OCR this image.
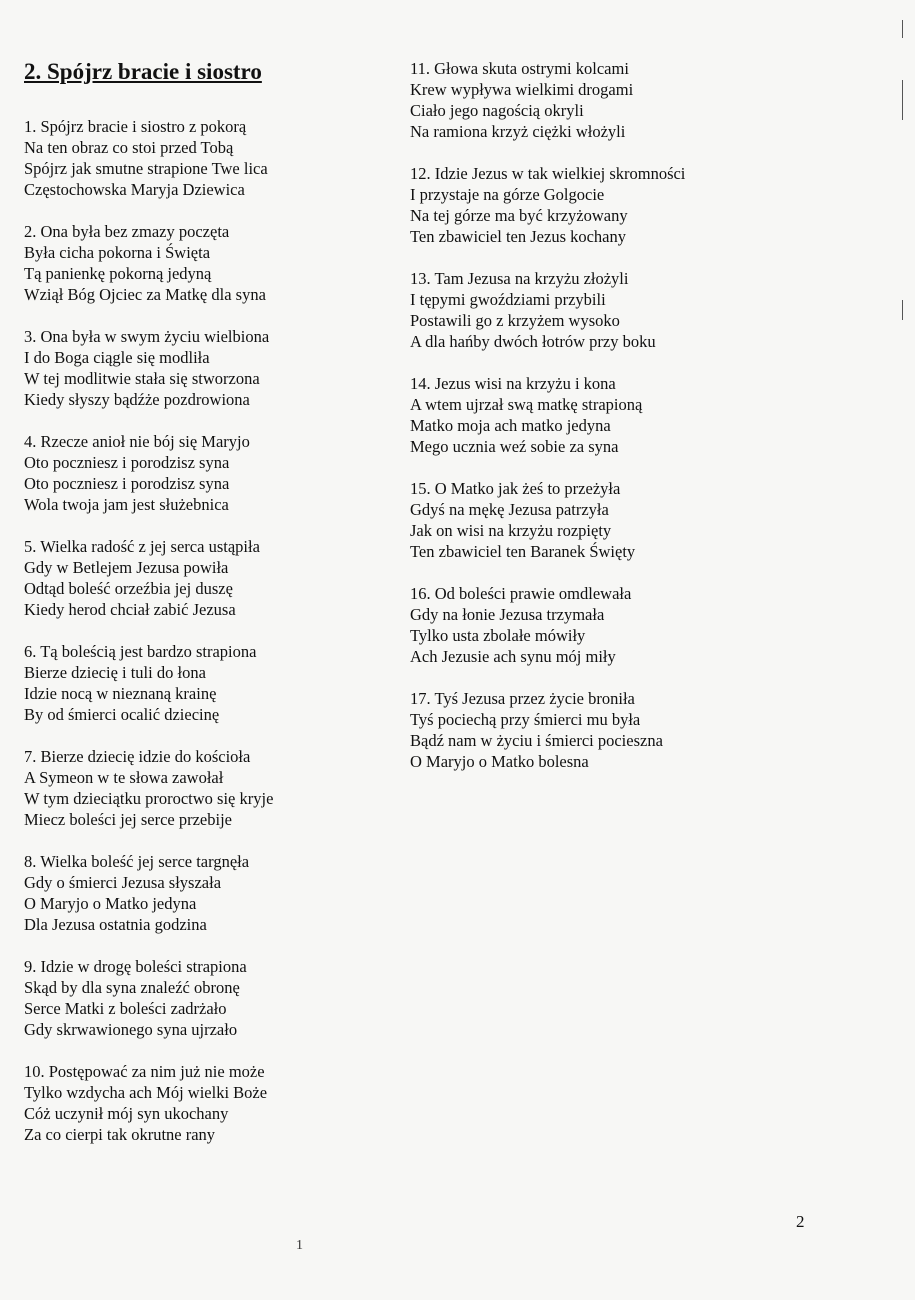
2. Spójrz bracie i siostro
1. Spójrz bracie i siostro z pokorą
Na ten obraz co stoi przed Tobą
Spójrz jak smutne strapione Twe lica
Częstochowska Maryja Dziewica
2. Ona była bez zmazy poczęta
Była cicha pokorna i Święta
Tą panienkę pokorną jedyną
Wziął Bóg Ojciec za Matkę dla syna
3. Ona była w swym życiu wielbiona
I do Boga ciągle się modliła
W tej modlitwie stała się stworzona
Kiedy słyszy bądźże pozdrowiona
4. Rzecze anioł nie bój się Maryjo
Oto poczniesz i porodzisz syna
Oto poczniesz i porodzisz syna
Wola twoja jam jest służebnica
5. Wielka radość z jej serca ustąpiła
Gdy w Betlejem Jezusa powiła
Odtąd boleść orzeźbia jej duszę
Kiedy herod chciał zabić Jezusa
6. Tą boleścią jest bardzo strapiona
Bierze dziecię i tuli do łona
Idzie nocą w nieznaną krainę
By od śmierci ocalić dziecinę
7. Bierze dziecię idzie do kościoła
A Symeon w te słowa zawołał
W tym dzieciątku proroctwo się kryje
Miecz boleści jej serce przebije
8. Wielka boleść jej serce targnęła
Gdy o śmierci Jezusa słyszała
O Maryjo o Matko jedyna
Dla Jezusa ostatnia godzina
9. Idzie w drogę boleści strapiona
Skąd by dla syna znaleźć obronę
Serce Matki z boleści zadrżało
Gdy skrwawionego syna ujrzało
10. Postępować za nim już nie może
Tylko wzdycha ach Mój wielki Boże
Cóż uczynił mój syn ukochany
Za co cierpi tak okrutne rany
11. Głowa skuta ostrymi kolcami
Krew wypływa wielkimi drogami
Ciało jego nagością okryli
Na ramiona krzyż ciężki włożyli
12. Idzie Jezus w tak wielkiej skromności
I przystaje na górze Golgocie
Na tej górze ma być krzyżowany
Ten zbawiciel ten Jezus kochany
13. Tam Jezusa na krzyżu złożyli
I tępymi gwoździami przybili
Postawili go z krzyżem wysoko
A dla hańby dwóch łotrów przy boku
14. Jezus wisi na krzyżu i kona
A wtem ujrzał swą matkę strapioną
Matko moja ach matko jedyna
Mego ucznia weź sobie za syna
15. O Matko jak żeś to przeżyła
Gdyś na mękę Jezusa patrzyła
Jak on wisi na krzyżu rozpięty
Ten zbawiciel ten Baranek Święty
16. Od boleści prawie omdlewała
Gdy na łonie Jezusa trzymała
Tylko usta zbolałe mówiły
Ach Jezusie ach synu mój miły
17. Tyś Jezusa przez życie broniła
Tyś pociechą przy śmierci mu była
Bądź nam w życiu i śmierci pocieszna
O Maryjo o Matko bolesna
2
1
